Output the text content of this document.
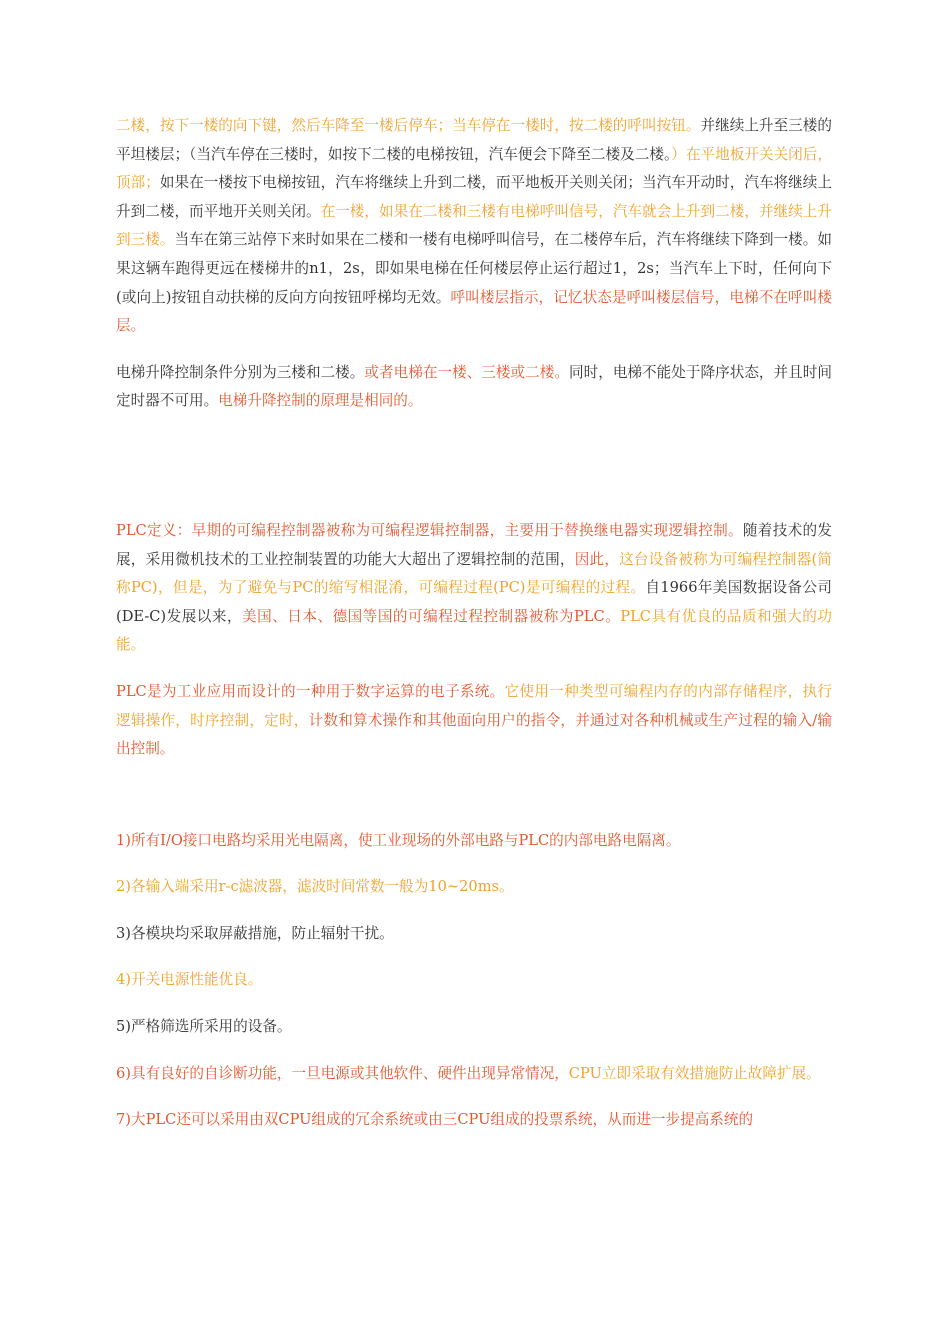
二楼，按下一楼的向下键，然后车降至一楼后停车；当车停在一楼时，按二楼的呼叫按钮。并继续上升至三楼的平坦楼层；（当汽车停在三楼时，如按下二楼的电梯按钮，汽车便会下降至二楼及二楼。）在平地板开关关闭后，顶部；如果在一楼按下电梯按钮，汽车将继续上升到二楼，而平地板开关则关闭；当汽车开动时，汽车将继续上升到二楼，而平地开关则关闭。在一楼，如果在二楼和三楼有电梯呼叫信号，汽车就会上升到二楼，并继续上升到三楼。当车在第三站停下来时如果在二楼和一楼有电梯呼叫信号，在二楼停车后，汽车将继续下降到一楼。如果这辆车跑得更远在楼梯井的n1，2s，即如果电梯在任何楼层停止运行超过1，2s；当汽车上下时，任何向下(或向上)按钮自动扶梯的反向方向按钮呼梯均无效。呼叫楼层指示，记忆状态是呼叫楼层信号，电梯不在呼叫楼层。

电梯升降控制条件分别为三楼和二楼。或者电梯在一楼、三楼或二楼。同时，电梯不能处于降序状态，并且时间定时器不可用。电梯升降控制的原理是相同的。

PLC定义：早期的可编程控制器被称为可编程逻辑控制器，主要用于替换继电器实现逻辑控制。随着技术的发展，采用微机技术的工业控制装置的功能大大超出了逻辑控制的范围，因此，这台设备被称为可编程控制器(简称PC)，但是，为了避免与PC的缩写相混淆，可编程过程(PC)是可编程的过程。自1966年美国数据设备公司(DE-C)发展以来，美国、日本、德国等国的可编程过程控制器被称为PLC。PLC具有优良的品质和强大的功能。

PLC是为工业应用而设计的一种用于数字运算的电子系统。它使用一种类型可编程内存的内部存储程序，执行逻辑操作，时序控制，定时，计数和算术操作和其他面向用户的指令，并通过对各种机械或生产过程的输入/输出控制。

1)所有I/O接口电路均采用光电隔离，使工业现场的外部电路与PLC的内部电路电隔离。

2)各输入端采用r-c滤波器，滤波时间常数一般为10~20ms。

3)各模块均采取屏蔽措施，防止辐射干扰。

4)开关电源性能优良。

5)严格筛选所采用的设备。

6)具有良好的自诊断功能，一旦电源或其他软件、硬件出现异常情况，CPU立即采取有效措施防止故障扩展。

7)大PLC还可以采用由双CPU组成的冗余系统或由三CPU组成的投票系统，从而进一步提高系统的
